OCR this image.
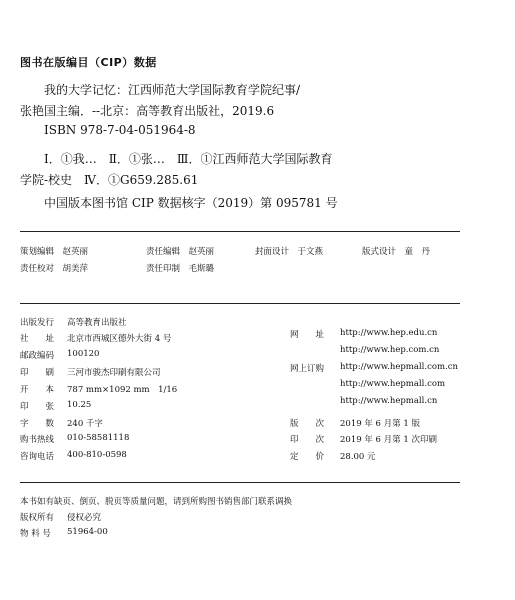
图书在版编目（CIP）数据
我的大学记忆：江西师范大学国际教育学院纪事/
张艳国主编．--北京：高等教育出版社，2019.6
ISBN 978-7-04-051964-8
Ⅰ．①我…　Ⅱ．①张…　Ⅲ．①江西师范大学国际教育
学院-校史　Ⅳ．①G659.285.61
中国版本图书馆 CIP 数据核字（2019）第 095781 号
策划编辑　 赵英丽	责任编辑　 赵英丽	封面设计　 于文燕	版式设计　 童　丹
责任校对　 胡美萍	责任印制　 毛斯璐
出版发行 高等教育出版社
社　　址 北京市西城区德外大街 4 号
邮政编码 100120
印　　刷 三河市骏杰印刷有限公司
开　　本 787 mm×1092 mm　1/16
印　　张 10.25
字　　数 240 千字
购书热线 010-58581118
咨询电话 400-810-0598
网　　址 http://www.hep.edu.cn
http://www.hep.com.cn
网上订购 http://www.hepmall.com.cn
http://www.hepmall.com
http://www.hepmall.cn
版　　次 2019 年 6 月第 1 版
印　　次 2019 年 6 月第 1 次印刷
定　　价 28.00 元
本书如有缺页、倒页、脱页等质量问题，请到所购图书销售部门联系调换
版权所有 侵权必究
物 料 号 51964-00
